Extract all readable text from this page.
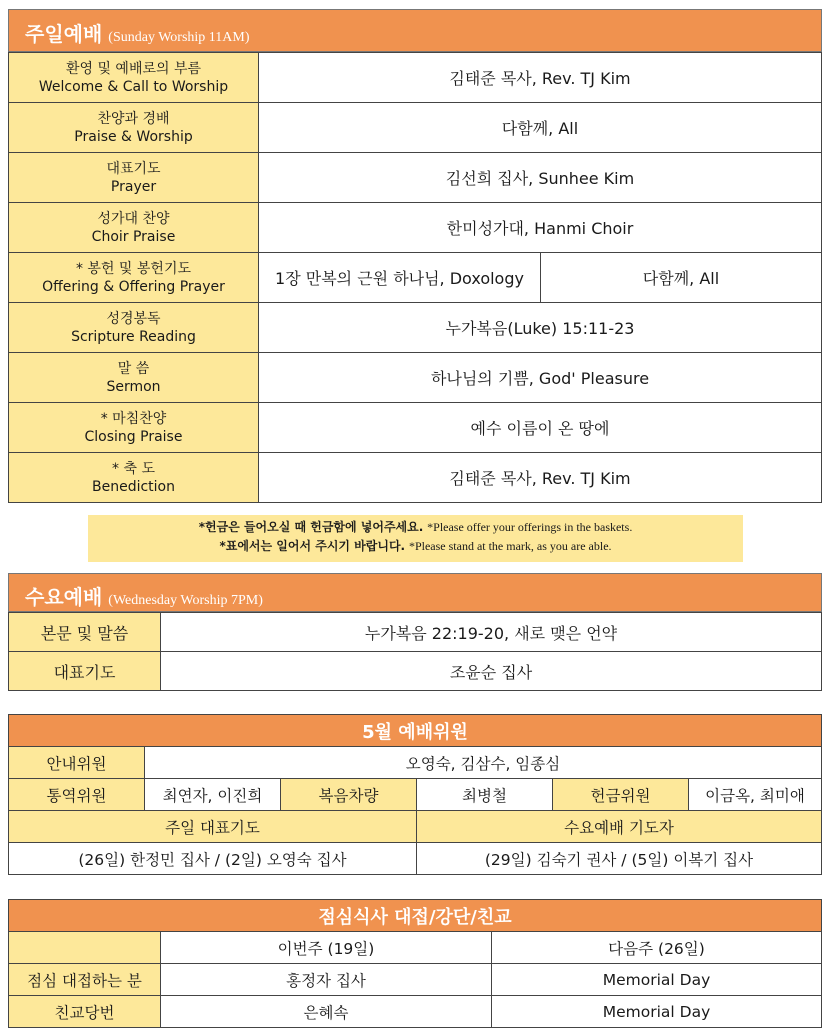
주일예배 (Sunday Worship 11AM)
환영 및 예배로의 부름
Welcome & Call to Worship	김태준 목사, Rev. TJ Kim	

찬양과 경배
Praise & Worship	다함께, All	

대표기도
Prayer	김선희 집사, Sunhee Kim	

성가대 찬양
Choir Praise	한미성가대, Hanmi Choir	

* 봉헌 및 봉헌기도
Offering & Offering Prayer	1장 만복의 근원 하나님, Doxology	다함께, All

성경봉독
Scripture Reading	누가복음(Luke) 15:11-23	

말 씀
Sermon	하나님의 기쁨, God' Pleasure	

* 마침찬양
Closing Praise	예수 이름이 온 땅에	

* 축 도
Benediction	김태준 목사, Rev. TJ Kim	
*헌금은 들어오실 때 헌금함에 넣어주세요. *Please offer your offerings in the baskets.
*표에서는 일어서 주시기 바랍니다. *Please stand at the mark, as you are able.
수요예배 (Wednesday Worship 7PM)
본문 및 말씀	누가복음 22:19-20, 새로 맺은 언약
대표기도	조윤순 집사
5월 예배위원					
안내위원	오영숙, 김삼수, 임종심				
통역위원	최연자, 이진희	복음차량	최병철	헌금위원	이금옥, 최미애
주일 대표기도			수요예배 기도자		
(26일) 한정민 집사 / (2일) 오영숙 집사			(29일) 김숙기 권사 / (5일) 이복기 집사		
점심식사 대접/강단/친교		
	이번주 (19일)	다음주 (26일)
점심 대접하는 분	홍정자 집사	Memorial Day
친교당번	은혜속	Memorial Day
